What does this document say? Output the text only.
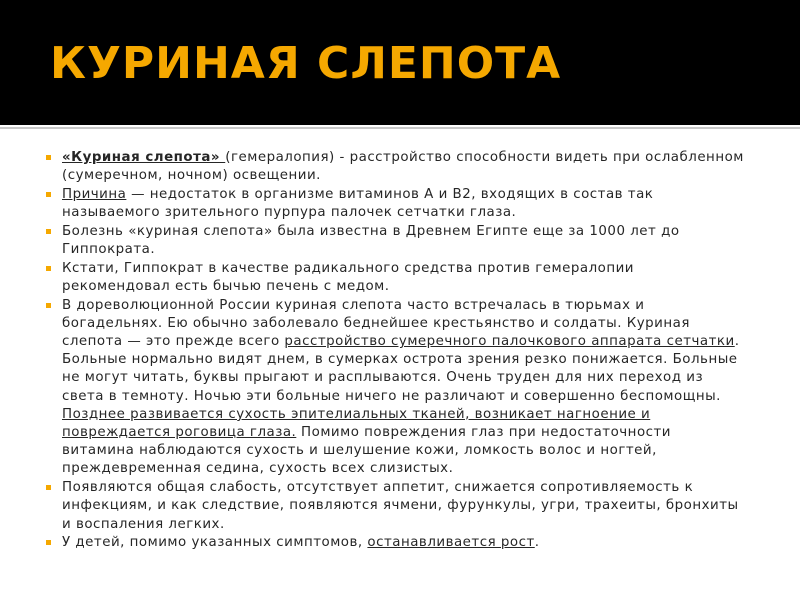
КУРИНАЯ СЛЕПОТА
«Куриная слепота» (гемералопия) - расстройство способности видеть при ослабленном (сумеречном, ночном) освещении.
Причина — недостаток в организме витаминов А и В2, входящих в состав так называемого зрительного пурпура палочек сетчатки глаза.
Болезнь «куриная слепота» была известна в Древнем Египте еще за 1000 лет до Гиппократа.
Кстати, Гиппократ в качестве радикального средства против гемералопии рекомендовал есть бычью печень с медом.
В дореволюционной России куриная слепота часто встречалась в тюрьмах и богадельнях. Ею обычно заболевало беднейшее крестьянство и солдаты. Куриная слепота — это прежде всего расстройство сумеречного палочкового аппарата сетчатки. Больные нормально видят днем, в сумерках острота зрения резко понижается. Больные не могут читать, буквы прыгают и расплываются. Очень труден для них переход из света в темноту. Ночью эти больные ничего не различают и совершенно беспомощны. Позднее развивается сухость эпителиальных тканей, возникает нагноение и повреждается роговица глаза. Помимо повреждения глаз при недостаточности витамина наблюдаются сухость и шелушение кожи, ломкость волос и ногтей, преждевременная седина, сухость всех слизистых.
Появляются общая слабость, отсутствует аппетит, снижается сопротивляемость к инфекциям, и как следствие, появляются ячмени, фурункулы, угри, трахеиты, бронхиты и воспаления легких.
У детей, помимо указанных симптомов, останавливается рост.
